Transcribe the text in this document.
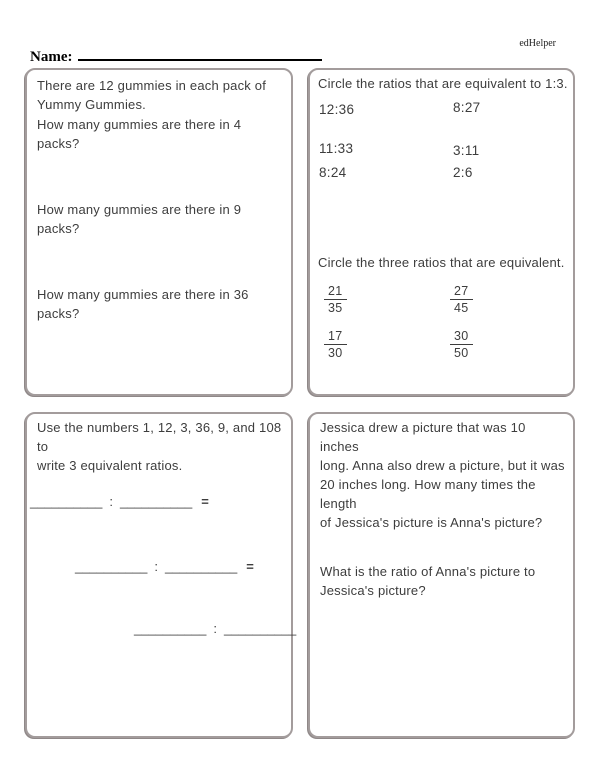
edHelper
Name:
There are 12 gummies in each pack of
Yummy Gummies.
How many gummies are there in 4 packs?
How many gummies are there in 9 packs?
How many gummies are there in 36 packs?
Circle the ratios that are equivalent to 1:3.
12:36	8:27
11:33	3:11
8:24	2:6
Circle the three ratios that are equivalent.
$\frac{21}{35}$	$\frac{27}{45}$
$\frac{17}{30}$	$\frac{30}{50}$
Use the numbers 1, 12, 3, 36, 9, and 108 to
write 3 equivalent ratios.
__________ : __________ =
__________ : __________ =
__________ : __________
Jessica drew a picture that was 10 inches
long. Anna also drew a picture, but it was
20 inches long. How many times the length
of Jessica's picture is Anna's picture?
What is the ratio of Anna's picture to
Jessica's picture?
